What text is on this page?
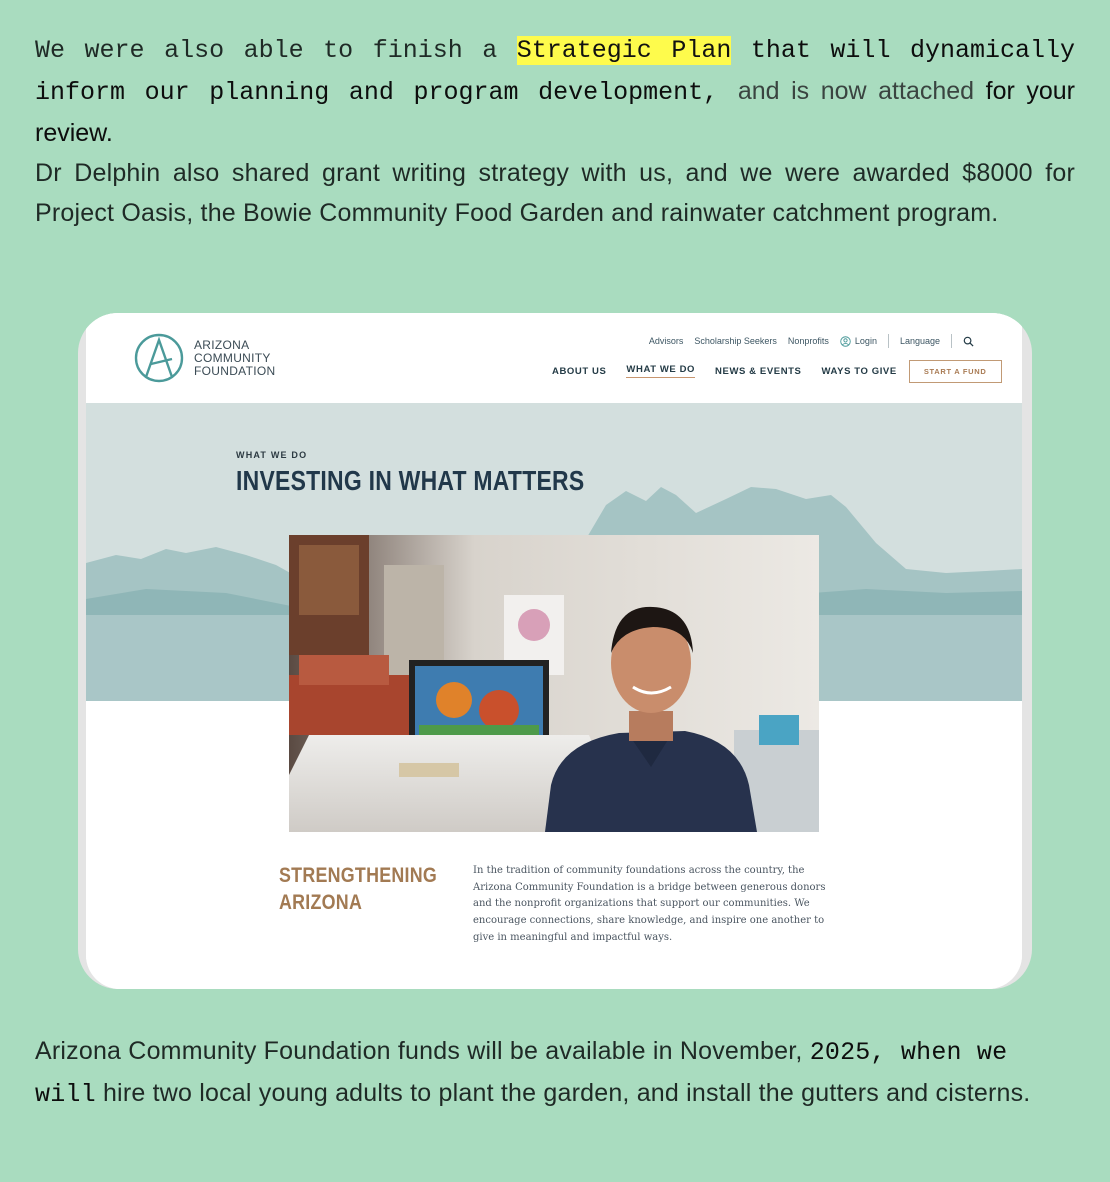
We were also able to finish a Strategic Plan that will dynamically inform our planning and program development, and is now attached for your review.
Dr Delphin also shared grant writing strategy with us, and we were awarded $8000 for Project Oasis, the Bowie Community Food Garden and rainwater catchment program.
ARIZONA
COMMUNITY
FOUNDATION
Advisors Scholarship Seekers Nonprofits	Login	Language
ABOUT US WHAT WE DO NEWS & EVENTS WAYS TO GIVE	START A FUND
WHAT WE DO
INVESTING IN WHAT MATTERS
STRENGTHENING
ARIZONA
In the tradition of community foundations across the country, the Arizona Community Foundation is a bridge between generous donors and the nonprofit organizations that support our communities. We encourage connections, share knowledge, and inspire one another to give in meaningful and impactful ways.
Arizona Community Foundation funds will be available in November, 2025, when we will hire two local young adults to plant the garden, and install the gutters and cisterns.
